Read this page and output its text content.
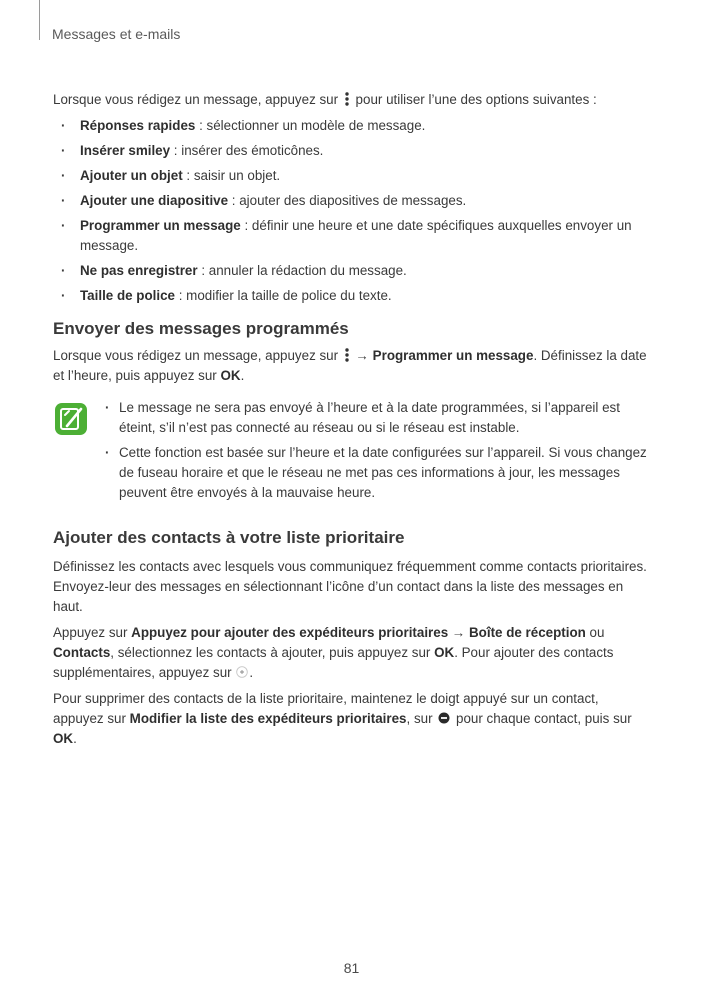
Messages et e-mails

Lorsque vous rédigez un message, appuyez sur  pour utiliser l’une des options suivantes :

· Réponses rapides : sélectionner un modèle de message.
· Insérer smiley : insérer des émoticônes.
· Ajouter un objet : saisir un objet.
· Ajouter une diapositive : ajouter des diapositives de messages.
· Programmer un message : définir une heure et une date spécifiques auxquelles envoyer un message.
· Ne pas enregistrer : annuler la rédaction du message.
· Taille de police : modifier la taille de police du texte.
Envoyer des messages programmés

Lorsque vous rédigez un message, appuyez sur  → Programmer un message. Définissez la date et l’heure, puis appuyez sur OK.

· Le message ne sera pas envoyé à l’heure et à la date programmées, si l’appareil est éteint, s’il n’est pas connecté au réseau ou si le réseau est instable.
· Cette fonction est basée sur l’heure et la date configurées sur l’appareil. Si vous changez de fuseau horaire et que le réseau ne met pas ces informations à jour, les messages peuvent être envoyés à la mauvaise heure.
Ajouter des contacts à votre liste prioritaire

Définissez les contacts avec lesquels vous communiquez fréquemment comme contacts prioritaires. Envoyez-leur des messages en sélectionnant l’icône d’un contact dans la liste des messages en haut.

Appuyez sur Appuyez pour ajouter des expéditeurs prioritaires → Boîte de réception ou Contacts, sélectionnez les contacts à ajouter, puis appuyez sur OK. Pour ajouter des contacts supplémentaires, appuyez sur .

Pour supprimer des contacts de la liste prioritaire, maintenez le doigt appuyé sur un contact, appuyez sur Modifier la liste des expéditeurs prioritaires, sur  pour chaque contact, puis sur OK.

81
